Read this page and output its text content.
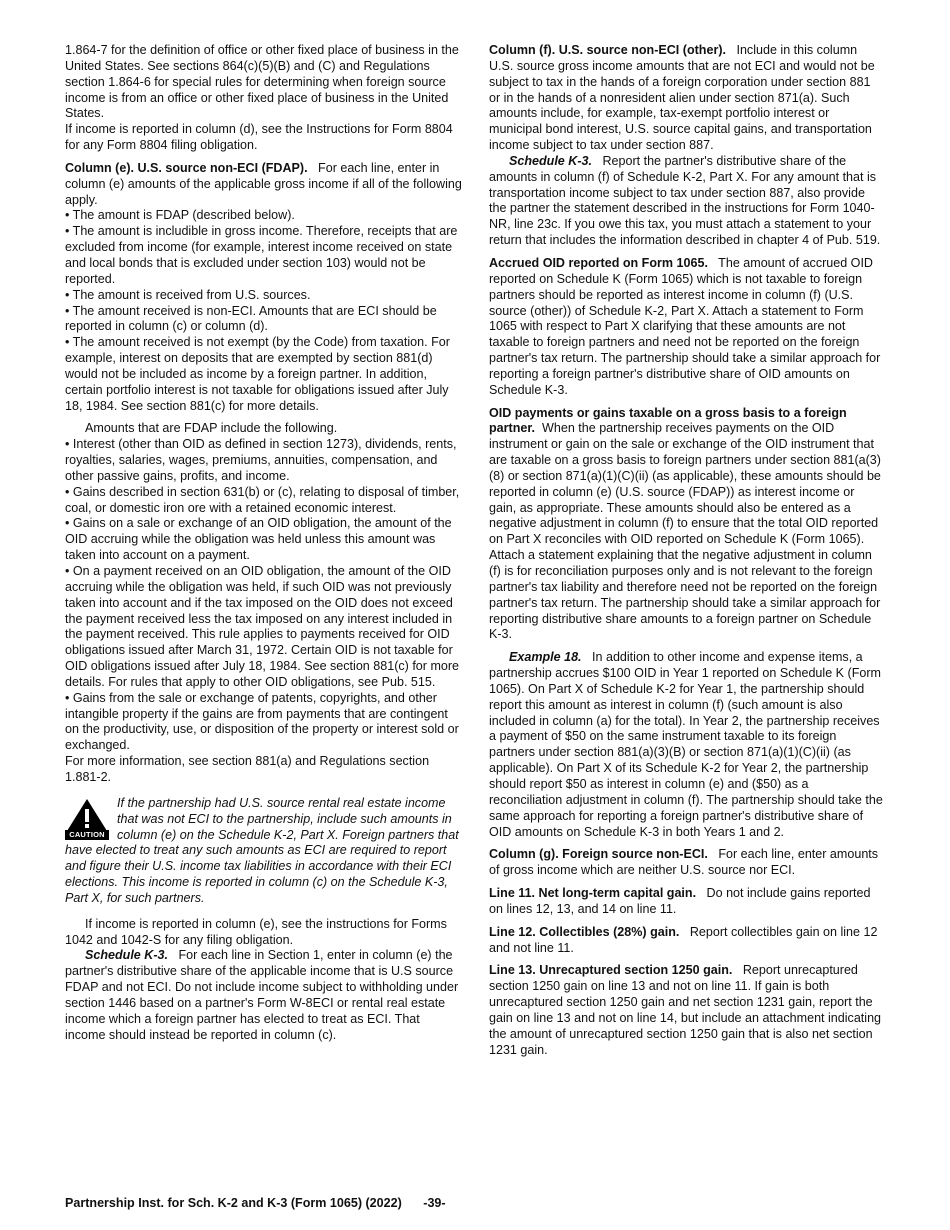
1.864-7 for the definition of office or other fixed place of business in the United States. See sections 864(c)(5)(B) and (C) and Regulations section 1.864-6 for special rules for determining when foreign source income is from an office or other fixed place of business in the United States.

If income is reported in column (d), see the Instructions for Form 8804 for any Form 8804 filing obligation.

Column (e). U.S. source non-ECI (FDAP). For each line, enter in column (e) amounts of the applicable gross income if all of the following apply.

• The amount is FDAP (described below).

• The amount is includible in gross income. Therefore, receipts that are excluded from income (for example, interest income received on state and local bonds that is excluded under section 103) would not be reported.

• The amount is received from U.S. sources.

• The amount received is non-ECI. Amounts that are ECI should be reported in column (c) or column (d).

• The amount received is not exempt (by the Code) from taxation. For example, interest on deposits that are exempted by section 881(d) would not be included as income by a foreign partner. In addition, certain portfolio interest is not taxable for obligations issued after July 18, 1984. See section 881(c) for more details.

Amounts that are FDAP include the following.

• Interest (other than OID as defined in section 1273), dividends, rents, royalties, salaries, wages, premiums, annuities, compensation, and other passive gains, profits, and income.

• Gains described in section 631(b) or (c), relating to disposal of timber, coal, or domestic iron ore with a retained economic interest.

• Gains on a sale or exchange of an OID obligation, the amount of the OID accruing while the obligation was held unless this amount was taken into account on a payment.

• On a payment received on an OID obligation, the amount of the OID accruing while the obligation was held, if such OID was not previously taken into account and if the tax imposed on the OID does not exceed the payment received less the tax imposed on any interest included in the payment received. This rule applies to payments received for OID obligations issued after March 31, 1972. Certain OID is not taxable for OID obligations issued after July 18, 1984. See section 881(c) for more details. For rules that apply to other OID obligations, see Pub. 515.

• Gains from the sale or exchange of patents, copyrights, and other intangible property if the gains are from payments that are contingent on the productivity, use, or disposition of the property or interest sold or exchanged.

For more information, see section 881(a) and Regulations section 1.881-2.

CAUTION
If the partnership had U.S. source rental real estate income that was not ECI to the partnership, include such amounts in column (e) on the Schedule K-2, Part X. Foreign partners that have elected to treat any such amounts as ECI are required to report and figure their U.S. income tax liabilities in accordance with their ECI elections. This income is reported in column (c) on the Schedule K-3, Part X, for such partners.

If income is reported in column (e), see the instructions for Forms 1042 and 1042-S for any filing obligation.

Schedule K-3. For each line in Section 1, enter in column (e) the partner's distributive share of the applicable income that is U.S source FDAP and not ECI. Do not include income subject to withholding under section 1446 based on a partner's Form W-8ECI or rental real estate income which a foreign partner has elected to treat as ECI. That income should instead be reported in column (c).

Column (f). U.S. source non-ECI (other). Include in this column U.S. source gross income amounts that are not ECI and would not be subject to tax in the hands of a foreign corporation under section 881 or in the hands of a nonresident alien under section 871(a). Such amounts include, for example, tax-exempt portfolio interest or municipal bond interest, U.S. source capital gains, and transportation income subject to tax under section 887.

Schedule K-3. Report the partner's distributive share of the amounts in column (f) of Schedule K-2, Part X. For any amount that is transportation income subject to tax under section 887, also provide the partner the statement described in the instructions for Form 1040-NR, line 23c. If you owe this tax, you must attach a statement to your return that includes the information described in chapter 4 of Pub. 519.

Accrued OID reported on Form 1065. The amount of accrued OID reported on Schedule K (Form 1065) which is not taxable to foreign partners should be reported as interest income in column (f) (U.S. source (other)) of Schedule K-2, Part X. Attach a statement to Form 1065 with respect to Part X clarifying that these amounts are not taxable to foreign partners and need not be reported on the foreign partner's tax return. The partnership should take a similar approach for reporting a foreign partner's distributive share of OID amounts on Schedule K-3.

OID payments or gains taxable on a gross basis to a foreign partner. When the partnership receives payments on the OID instrument or gain on the sale or exchange of the OID instrument that are taxable on a gross basis to foreign partners under section 881(a(3)(8) or section 871(a)(1)(C)(ii) (as applicable), these amounts should be reported in column (e) (U.S. source (FDAP)) as interest income or gain, as appropriate. These amounts should also be entered as a negative adjustment in column (f) to ensure that the total OID reported on Part X reconciles with OID reported on Schedule K (Form 1065). Attach a statement explaining that the negative adjustment in column (f) is for reconciliation purposes only and is not relevant to the foreign partner's tax liability and therefore need not be reported on the foreign partner's tax return. The partnership should take a similar approach for reporting distributive share amounts to a foreign partner on Schedule K-3.

Example 18. In addition to other income and expense items, a partnership accrues $100 OID in Year 1 reported on Schedule K (Form 1065). On Part X of Schedule K-2 for Year 1, the partnership should report this amount as interest in column (f) (such amount is also included in column (a) for the total). In Year 2, the partnership receives a payment of $50 on the same instrument taxable to its foreign partners under section 881(a)(3)(B) or section 871(a)(1)(C)(ii) (as applicable). On Part X of its Schedule K-2 for Year 2, the partnership should report $50 as interest in column (e) and ($50) as a reconciliation adjustment in column (f). The partnership should take the same approach for reporting a foreign partner's distributive share of OID amounts on Schedule K-3 in both Years 1 and 2.

Column (g). Foreign source non-ECI. For each line, enter amounts of gross income which are neither U.S. source nor ECI.

Line 11. Net long-term capital gain. Do not include gains reported on lines 12, 13, and 14 on line 11.

Line 12. Collectibles (28%) gain. Report collectibles gain on line 12 and not line 11.

Line 13. Unrecaptured section 1250 gain. Report unrecaptured section 1250 gain on line 13 and not on line 11. If gain is both unrecaptured section 1250 gain and net section 1231 gain, report the gain on line 13 and not on line 14, but include an attachment indicating the amount of unrecaptured section 1250 gain that is also net section 1231 gain.

Partnership Inst. for Sch. K-2 and K-3 (Form 1065) (2022) -39-
